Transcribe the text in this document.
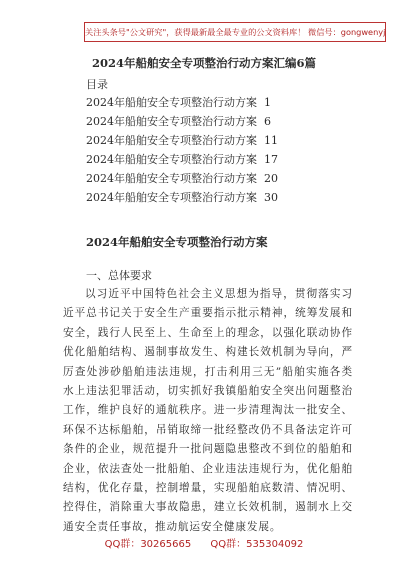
关注头条号"公文研究"，获得最新最全最专业的公文资料库！ 微信号：gongwenyj
2024年船舶安全专项整治行动方案汇编6篇
目录
2024年船舶安全专项整治行动方案 1
2024年船舶安全专项整治行动方案 6
2024年船舶安全专项整治行动方案 11
2024年船舶安全专项整治行动方案 17
2024年船舶安全专项整治行动方案 20
2024年船舶安全专项整治行动方案 30
2024年船舶安全专项整治行动方案
一、总体要求

以习近平中国特色社会主义思想为指导，贯彻落实习近平总书记关于安全生产重要指示批示精神，统筹发展和安全，践行人民至上、生命至上的理念，以强化联动协作优化船舶结构、遏制事故发生、构建长效机制为导向，严厉查处涉砂船舶违法违规，打击利用三无”船舶实施各类水上违法犯罪活动，切实抓好我镇船舶安全突出问题整治工作，维护良好的通航秩序。进一步清理淘汰一批安全、环保不达标船舶，吊销取缔一批经整改仍不具备法定许可条件的企业，规范提升一批问题隐患整改不到位的船舶和企业，依法查处一批船舶、企业违法违规行为，优化船舶结构，优化存量，控制增量，实现船舶底数清、情况明、控得住，消除重大事故隐患，建立长效机制，遏制水上交通安全责任事故，推动航运安全健康发展。

QQ群：30265665 QQ群：535304092
